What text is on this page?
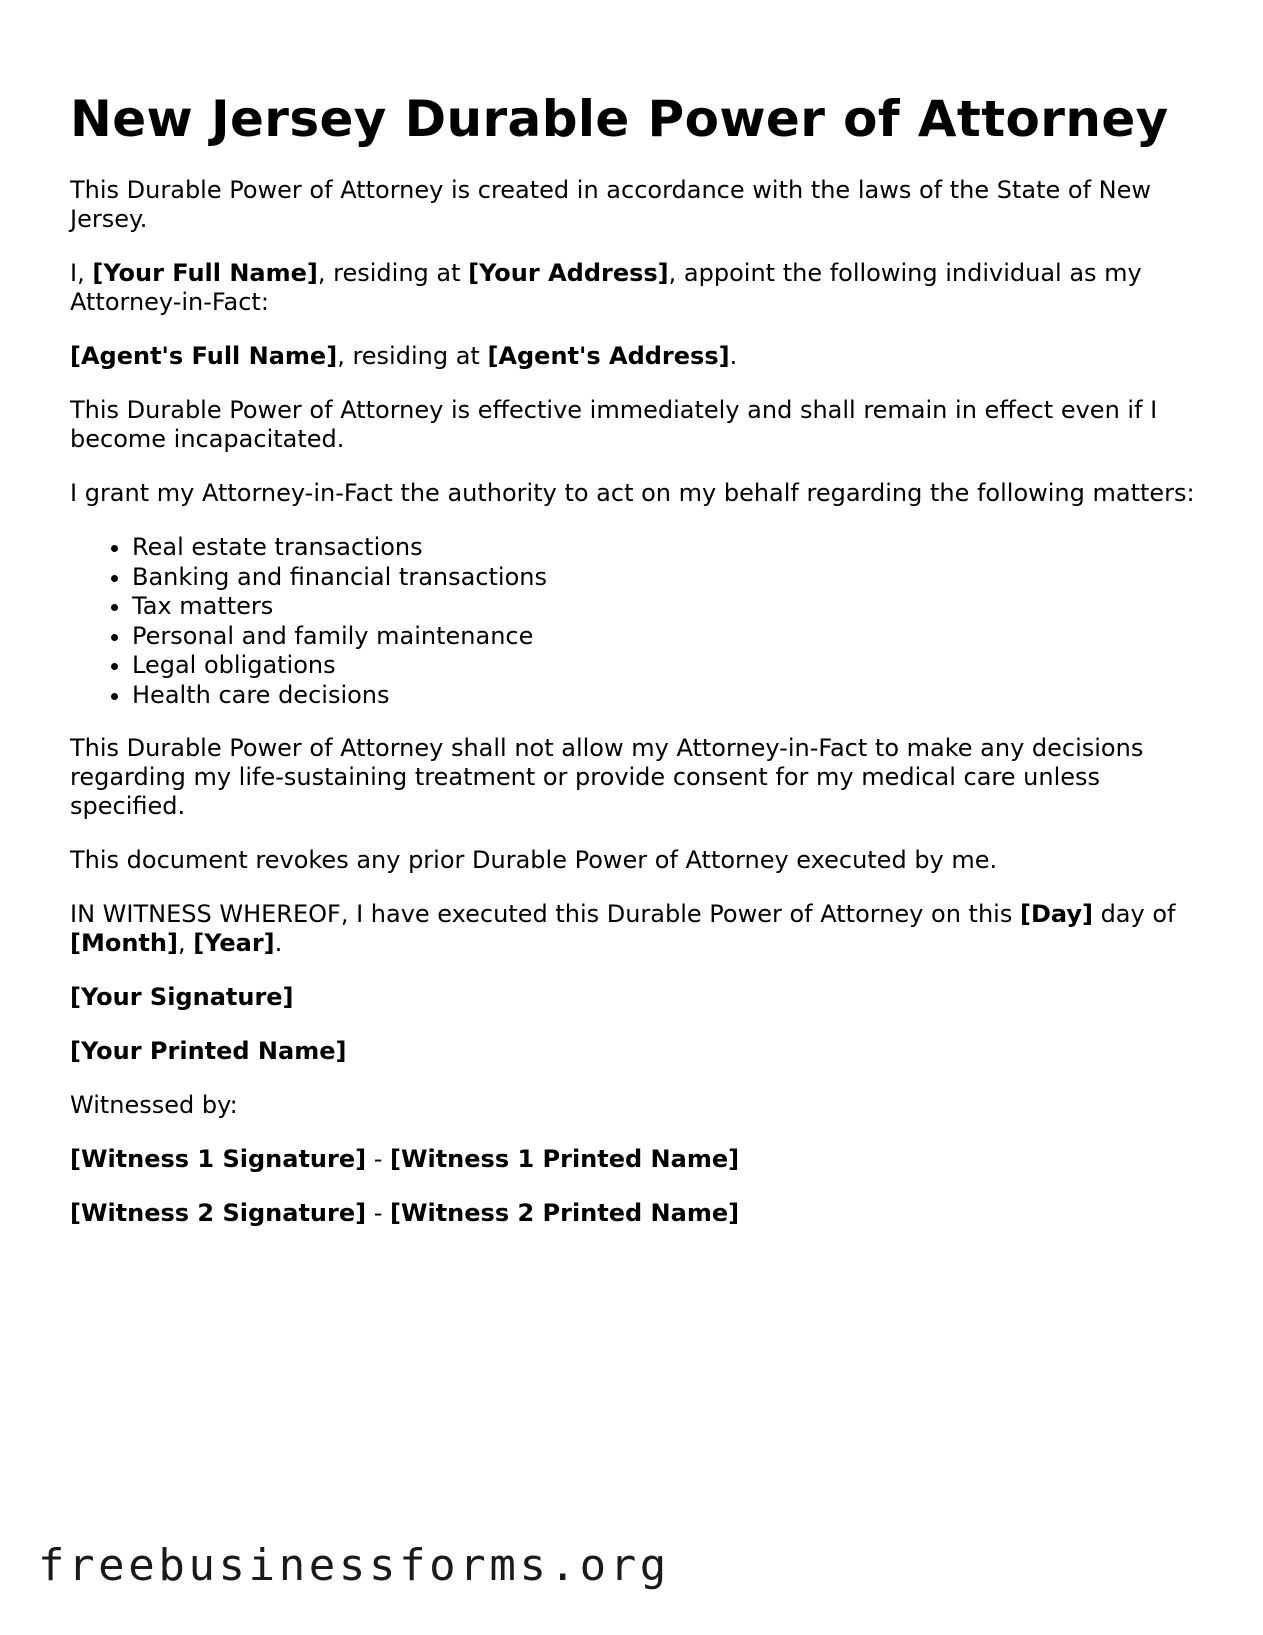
New Jersey Durable Power of Attorney

This Durable Power of Attorney is created in accordance with the laws of the State of New Jersey.

I, [Your Full Name], residing at [Your Address], appoint the following individual as my Attorney-in-Fact:

[Agent's Full Name], residing at [Agent's Address].

This Durable Power of Attorney is effective immediately and shall remain in effect even if I become incapacitated.

I grant my Attorney-in-Fact the authority to act on my behalf regarding the following matters:

• Real estate transactions
• Banking and financial transactions
• Tax matters
• Personal and family maintenance
• Legal obligations
• Health care decisions

This Durable Power of Attorney shall not allow my Attorney-in-Fact to make any decisions regarding my life-sustaining treatment or provide consent for my medical care unless specified.

This document revokes any prior Durable Power of Attorney executed by me.

IN WITNESS WHEREOF, I have executed this Durable Power of Attorney on this [Day] day of [Month], [Year].

[Your Signature]

[Your Printed Name]

Witnessed by:

[Witness 1 Signature] - [Witness 1 Printed Name]

[Witness 2 Signature] - [Witness 2 Printed Name]

freebusinessforms.org
